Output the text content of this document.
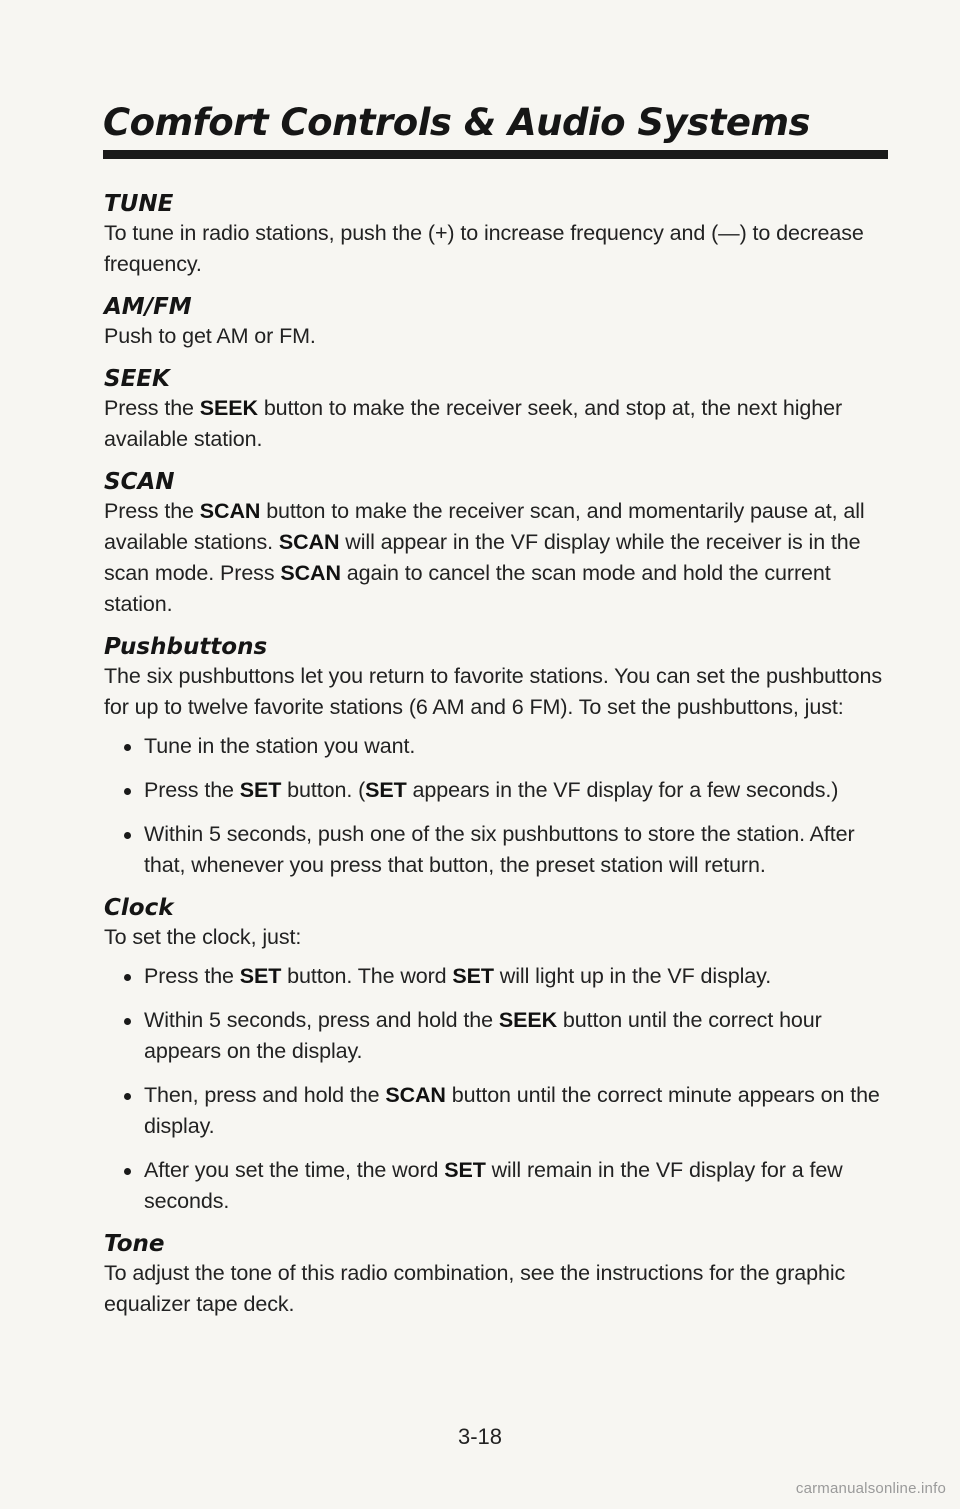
Comfort Controls & Audio Systems
TUNE

To tune in radio stations, push the (+) to increase frequency and (—) to decrease frequency.

AM/FM

Push to get AM or FM.

SEEK

Press the SEEK button to make the receiver seek, and stop at, the next higher available station.

SCAN

Press the SCAN button to make the receiver scan, and momentarily pause at, all available stations. SCAN will appear in the VF display while the receiver is in the scan mode. Press SCAN again to cancel the scan mode and hold the current station.

Pushbuttons

The six pushbuttons let you return to favorite stations. You can set the pushbuttons for up to twelve favorite stations (6 AM and 6 FM). To set the pushbuttons, just:

Tune in the station you want.
Press the SET button. (SET appears in the VF display for a few seconds.)
Within 5 seconds, push one of the six pushbuttons to store the station. After that, whenever you press that button, the preset station will return.
Clock

To set the clock, just:

Press the SET button. The word SET will light up in the VF display.
Within 5 seconds, press and hold the SEEK button until the correct hour appears on the display.
Then, press and hold the SCAN button until the correct minute appears on the display.
After you set the time, the word SET will remain in the VF display for a few seconds.
Tone

To adjust the tone of this radio combination, see the instructions for the graphic equalizer tape deck.

3-18
carmanualsonline.info
